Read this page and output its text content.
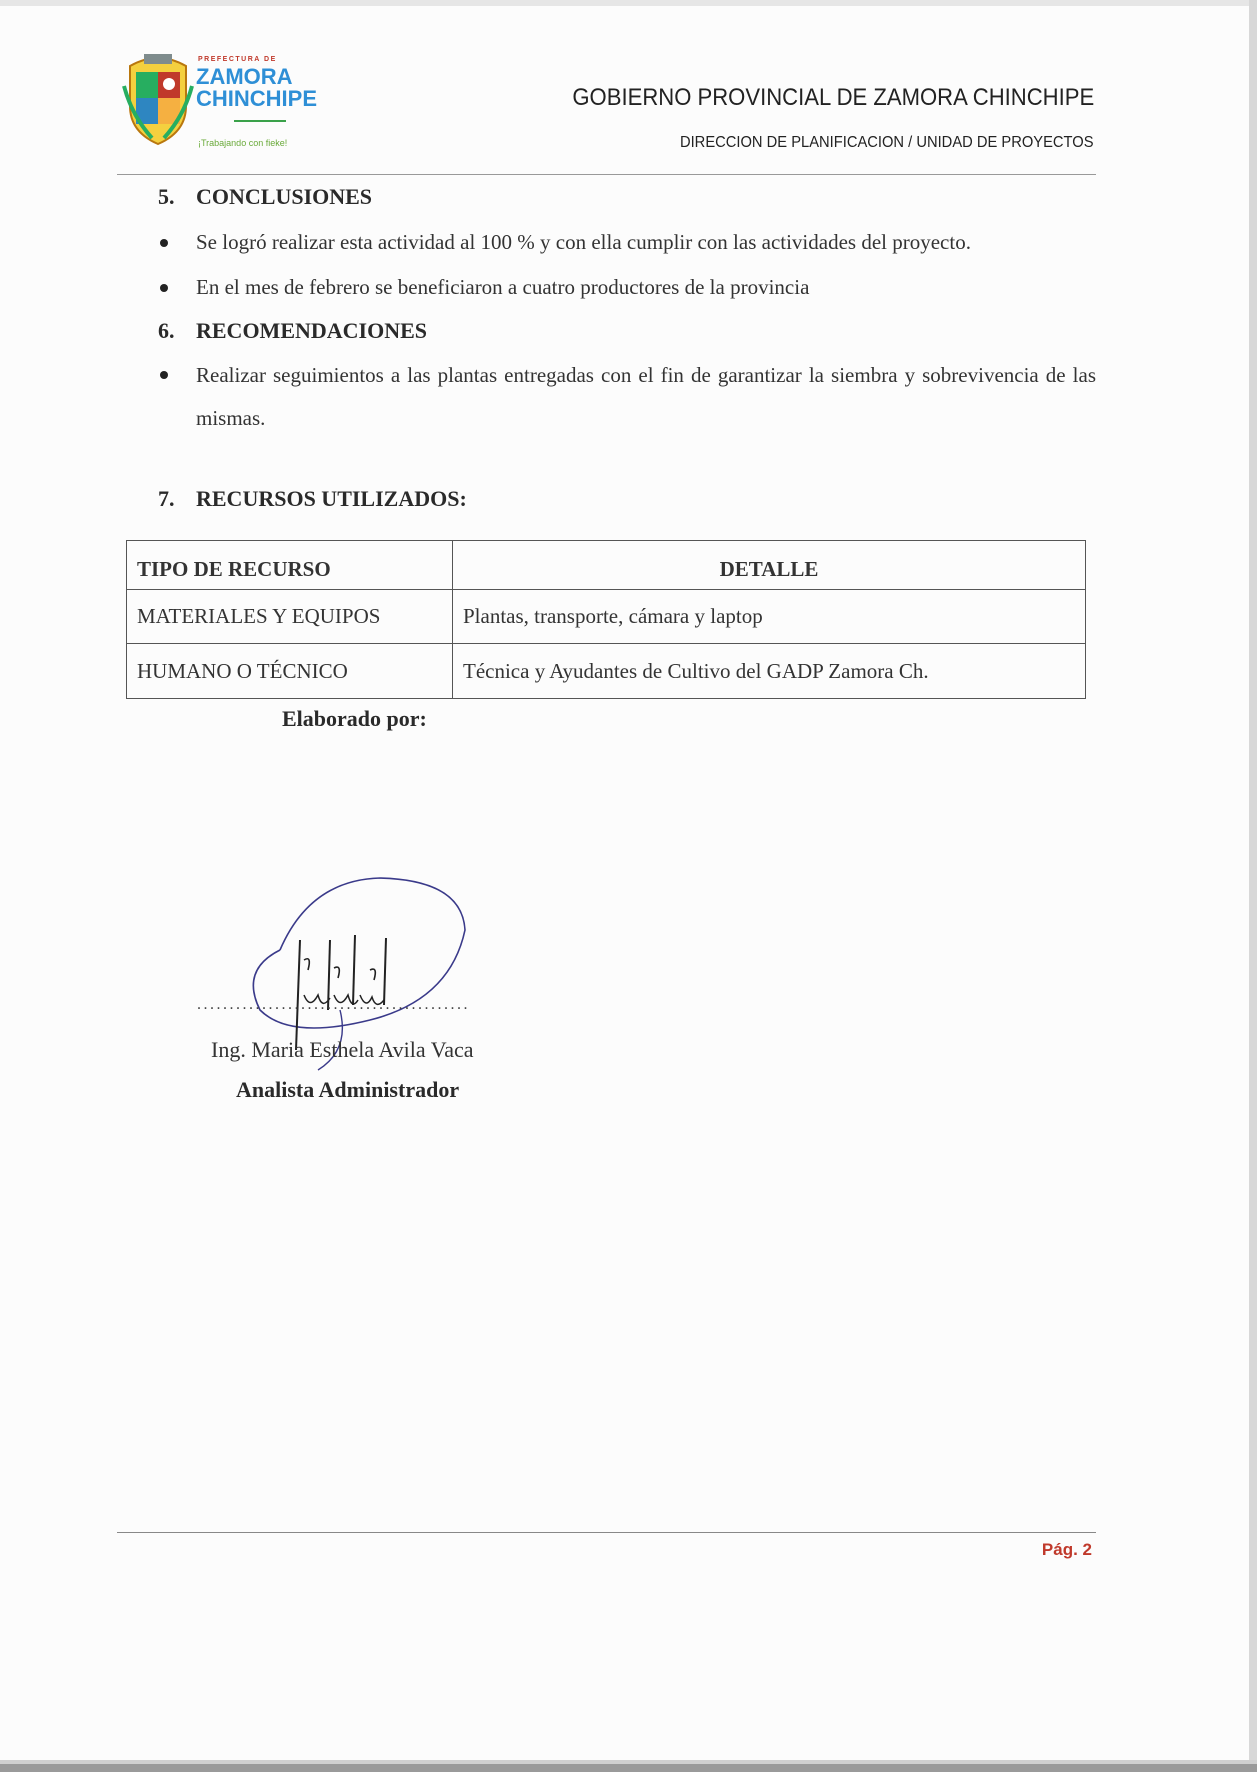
PREFECTURA DE
ZAMORA
CHINCHIPE
¡Trabajando con fieke!
GOBIERNO PROVINCIAL DE ZAMORA CHINCHIPE
DIRECCION DE PLANIFICACION / UNIDAD DE PROYECTOS
5. CONCLUSIONES
Se logró realizar esta actividad al 100 % y con ella cumplir con las actividades del proyecto.
En el mes de febrero se beneficiaron a cuatro productores de la provincia
6. RECOMENDACIONES
Realizar seguimientos a las plantas entregadas con el fin de garantizar la siembra y sobrevivencia de las mismas.
7. RECURSOS UTILIZADOS:
TIPO DE RECURSO	DETALLE
MATERIALES Y EQUIPOS	Plantas, transporte, cámara y laptop
HUMANO O TÉCNICO	Técnica y Ayudantes de Cultivo del GADP Zamora Ch.
Elaborado por:
..........................................
Ing. Maria Esthela Avila Vaca
Analista Administrador
Pág. 2
